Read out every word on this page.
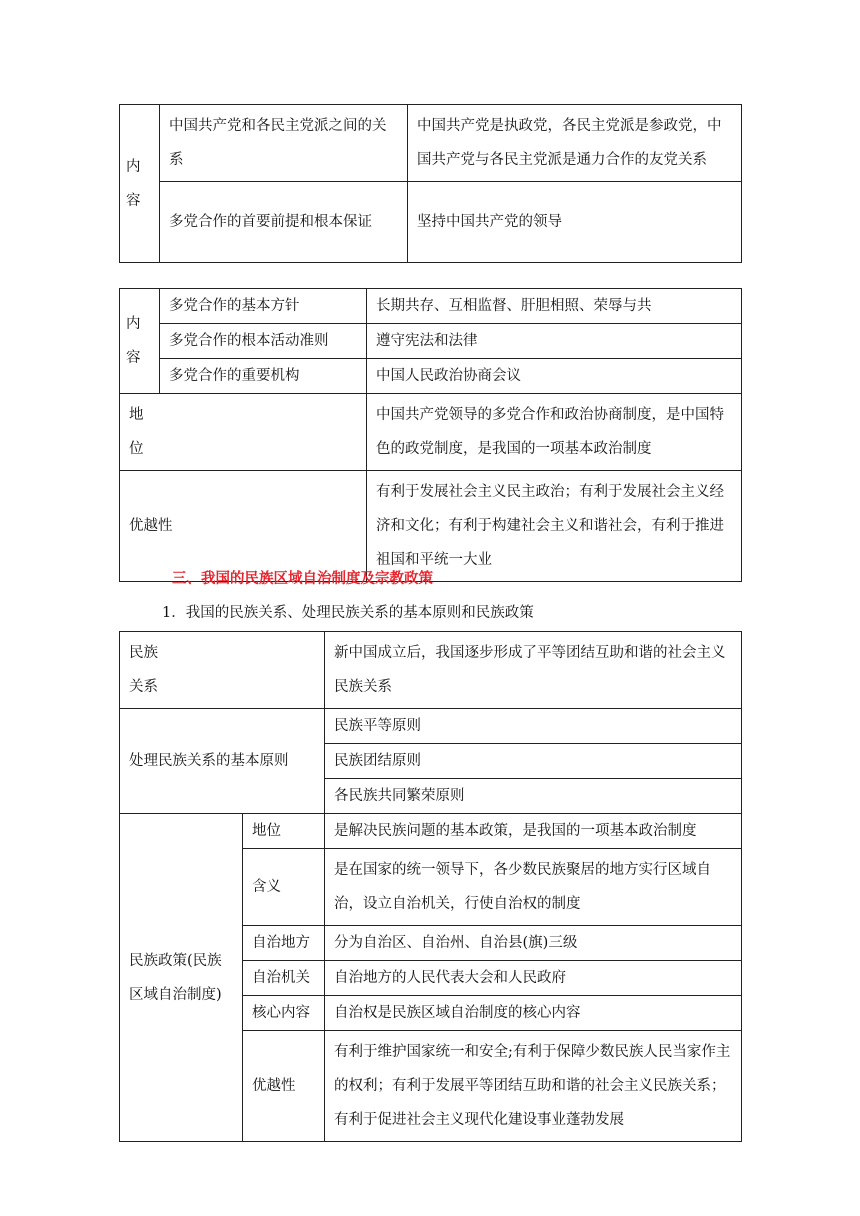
内
容	中国共产党和各民主党派之间的关系	中国共产党是执政党，各民主党派是参政党，中国共产党与各民主党派是通力合作的友党关系
	多党合作的首要前提和根本保证	坚持中国共产党的领导
内
容	多党合作的基本方针	长期共存、互相监督、肝胆相照、荣辱与共
	多党合作的根本活动准则	遵守宪法和法律
	多党合作的重要机构	中国人民政治协商会议

地
位		中国共产党领导的多党合作和政治协商制度，是中国特色的政党制度，是我国的一项基本政治制度
优越性		有利于发展社会主义民主政治；有利于发展社会主义经济和文化；有利于构建社会主义和谐社会，有利于推进祖国和平统一大业
三、我国的民族区域自治制度及宗教政策
1．我国的民族关系、处理民族关系的基本原则和民族政策
民族
关系		新中国成立后，我国逐步形成了平等团结互助和谐的社会主义民族关系
处理民族关系的基本原则		民族平等原则
		民族团结原则
		各民族共同繁荣原则

民族政策(民族
区域自治制度)	地位	是解决民族问题的基本政策，是我国的一项基本政治制度
	含义	是在国家的统一领导下，各少数民族聚居的地方实行区域自治，设立自治机关，行使自治权的制度
	自治地方	分为自治区、自治州、自治县(旗)三级
	自治机关	自治地方的人民代表大会和人民政府
	核心内容	自治权是民族区域自治制度的核心内容
	优越性	有利于维护国家统一和安全;有利于保障少数民族人民当家作主的权利；有利于发展平等团结互助和谐的社会主义民族关系；有利于促进社会主义现代化建设事业蓬勃发展
